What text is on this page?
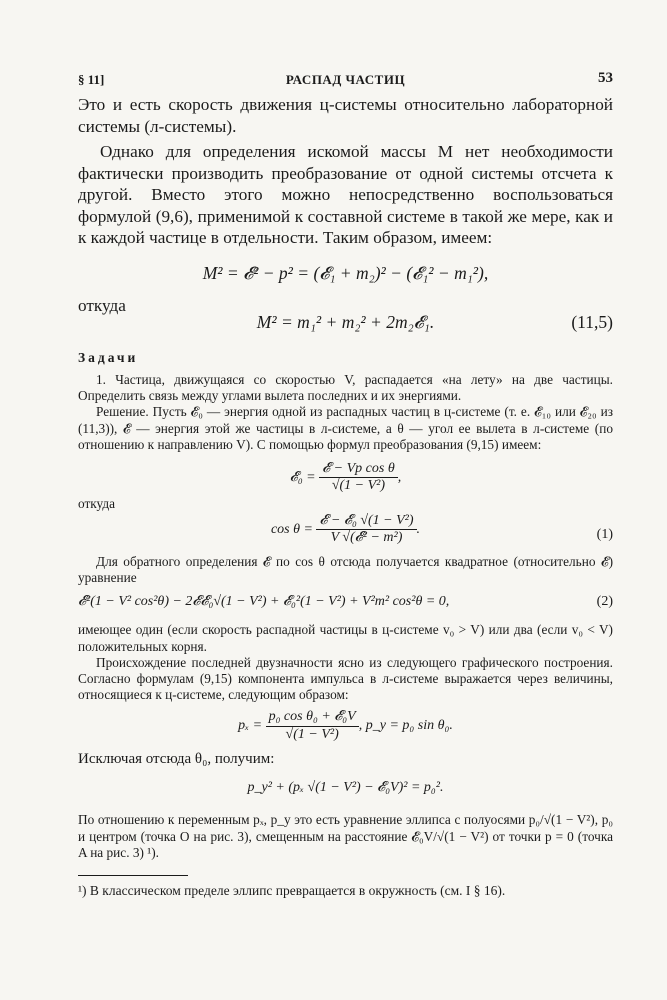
§ 11]	РАСПАД ЧАСТИЦ	53

Это и есть скорость движения ц-системы относительно лабораторной системы (л-системы).

Однако для определения искомой массы M нет необходимости фактически производить преобразование от одной системы отсчета к другой. Вместо этого можно непосредственно воспользоваться формулой (9,6), применимой к составной системе в такой же мере, как и к каждой частице в отдельности. Таким образом, имеем:

M² = 𝓔² − p² = (𝓔₁ + m₂)² − (𝓔₁² − m₁²),

откуда

M² = m₁² + m₂² + 2m₂𝓔₁.	(11,5)
Задачи

1. Частица, движущаяся со скоростью V, распадается «на лету» на две частицы. Определить связь между углами вылета последних и их энергиями.

Решение. Пусть 𝓔₀ — энергия одной из распадных частиц в ц-системе (т. е. 𝓔₁₀ или 𝓔₂₀ из (11,3)), 𝓔 — энергия этой же частицы в л-системе, а θ — угол ее вылета в л-системе (по отношению к направлению V). С помощью формул преобразования (9,15) имеем:

𝓔₀ = $\frac{\text{𝓔 − Vp cos θ}}{\text{√(1 − V²)}}$ ,

откуда

$\cos \theta = \frac{\text{𝓔 − 𝓔₀ √(1 − V²)}}{\text{V √(𝓔² − m²)}}$ .	(1)

Для обратного определения 𝓔 по cos θ отсюда получается квадратное (относительно 𝓔) уравнение

𝓔²(1 − V² cos²θ) − 2𝓔𝓔₀√(1 − V²) + 𝓔₀²(1 − V²) + V²m² cos²θ = 0,	(2)

имеющее один (если скорость распадной частицы в ц-системе v₀ > V) или два (если v₀ < V) положительных корня.

Происхождение последней двузначности ясно из следующего графического построения. Согласно формулам (9,15) компонента импульса в л-системе выражается через величины, относящиеся к ц-системе, следующим образом:

$p_x = \frac{\text{p₀ cos θ₀ + 𝓔₀V}}{\text{√(1 − V²)}}$ , p_y = p₀ sin θ₀.

Исключая отсюда θ₀, получим:

p_y² + (pₓ √(1 − V²) − 𝓔₀V)² = p₀².

По отношению к переменным pₓ, p_y это есть уравнение эллипса с полуосями p₀/√(1 − V²), p₀ и центром (точка O на рис. 3), смещенным на расстояние 𝓔₀V/√(1 − V²) от точки p = 0 (точка A на рис. 3) ¹).

¹) В классическом пределе эллипс превращается в окружность (см. I § 16).
